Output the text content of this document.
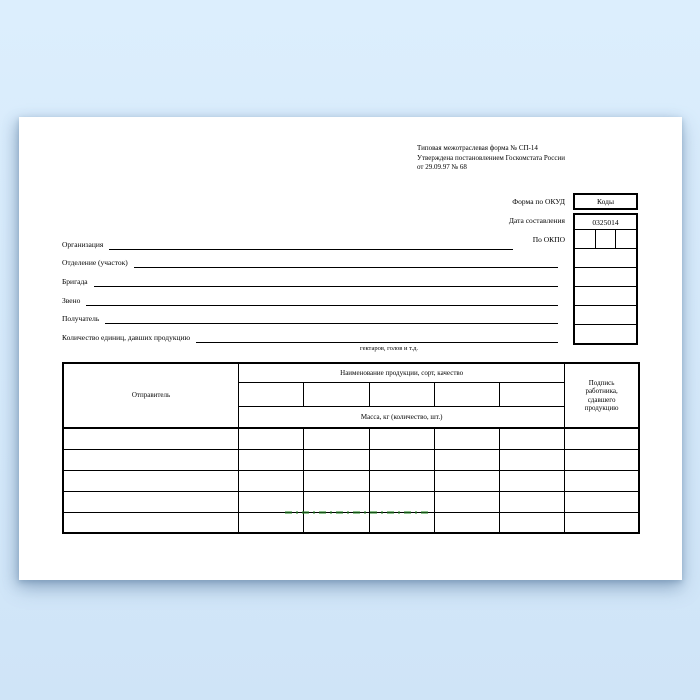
Типовая межотраслевая форма № СП-14
Утверждена постановлением Госкомстата России
от 29.09.97 № 68
Форма по ОКУД
Дата составления
По ОКПО
Коды
0325014
Организация
Отделение (участок)
Бригада
Звено
Получатель
Количество единиц, давших продукцию
гектаров, голов и т.д.
Отправитель	Наименование продукции, сорт, качество					Подпись работника, сдавшего продукцию

	Масса, кг (количество, шт.)					
